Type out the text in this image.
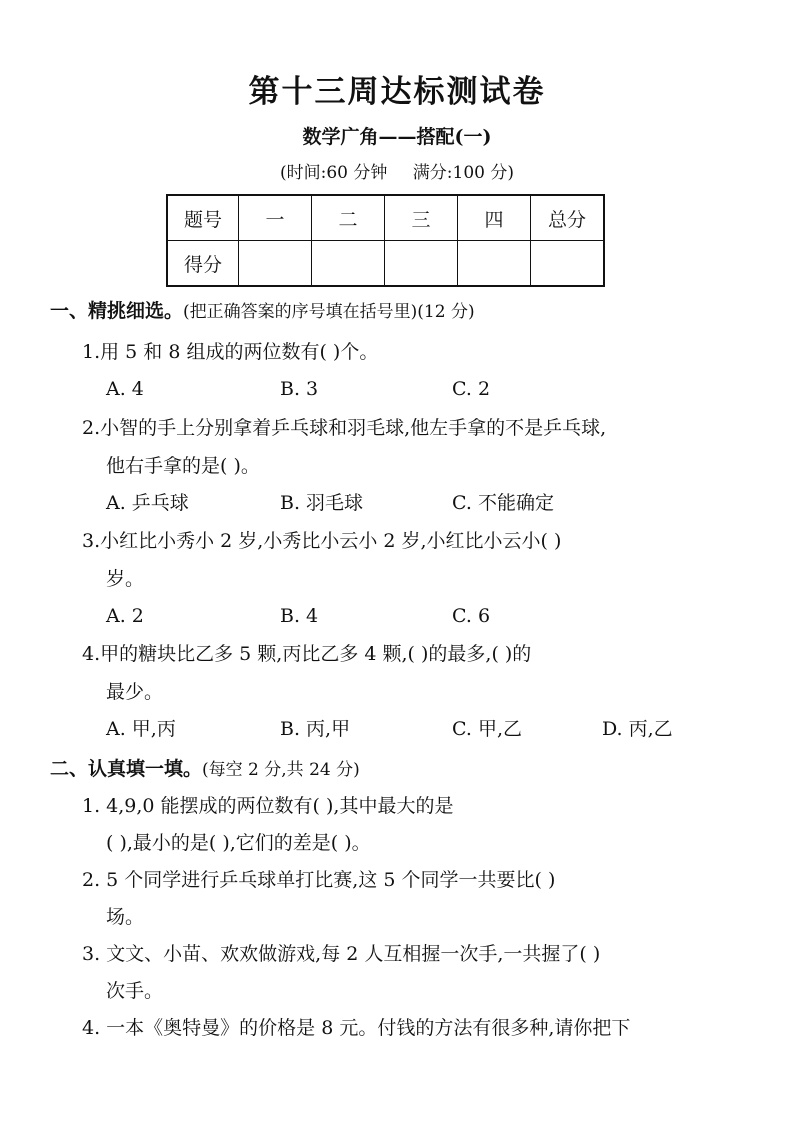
第十三周达标测试卷
数学广角——搭配(一)
(时间:60 分钟 满分:100 分)
题号	一	二	三	四	总分
得分					
一、精挑细选。(把正确答案的序号填在括号里)(12 分)
1.用 5 和 8 组成的两位数有( )个。
A. 4	B. 3	C. 2
2.小智的手上分别拿着乒乓球和羽毛球,他左手拿的不是乒乓球,
他右手拿的是( )。
A. 乒乓球	B. 羽毛球	C. 不能确定
3.小红比小秀小 2 岁,小秀比小云小 2 岁,小红比小云小( )
岁。
A. 2	B. 4	C. 6
4.甲的糖块比乙多 5 颗,丙比乙多 4 颗,( )的最多,( )的
最少。
A. 甲,丙	B. 丙,甲	C. 甲,乙	D. 丙,乙
二、认真填一填。(每空 2 分,共 24 分)
1. 4,9,0 能摆成的两位数有( ),其中最大的是
( ),最小的是( ),它们的差是( )。
2. 5 个同学进行乒乓球单打比赛,这 5 个同学一共要比( )
场。
3. 文文、小苗、欢欢做游戏,每 2 人互相握一次手,一共握了( )
次手。
4. 一本《奥特曼》的价格是 8 元。付钱的方法有很多种,请你把下
